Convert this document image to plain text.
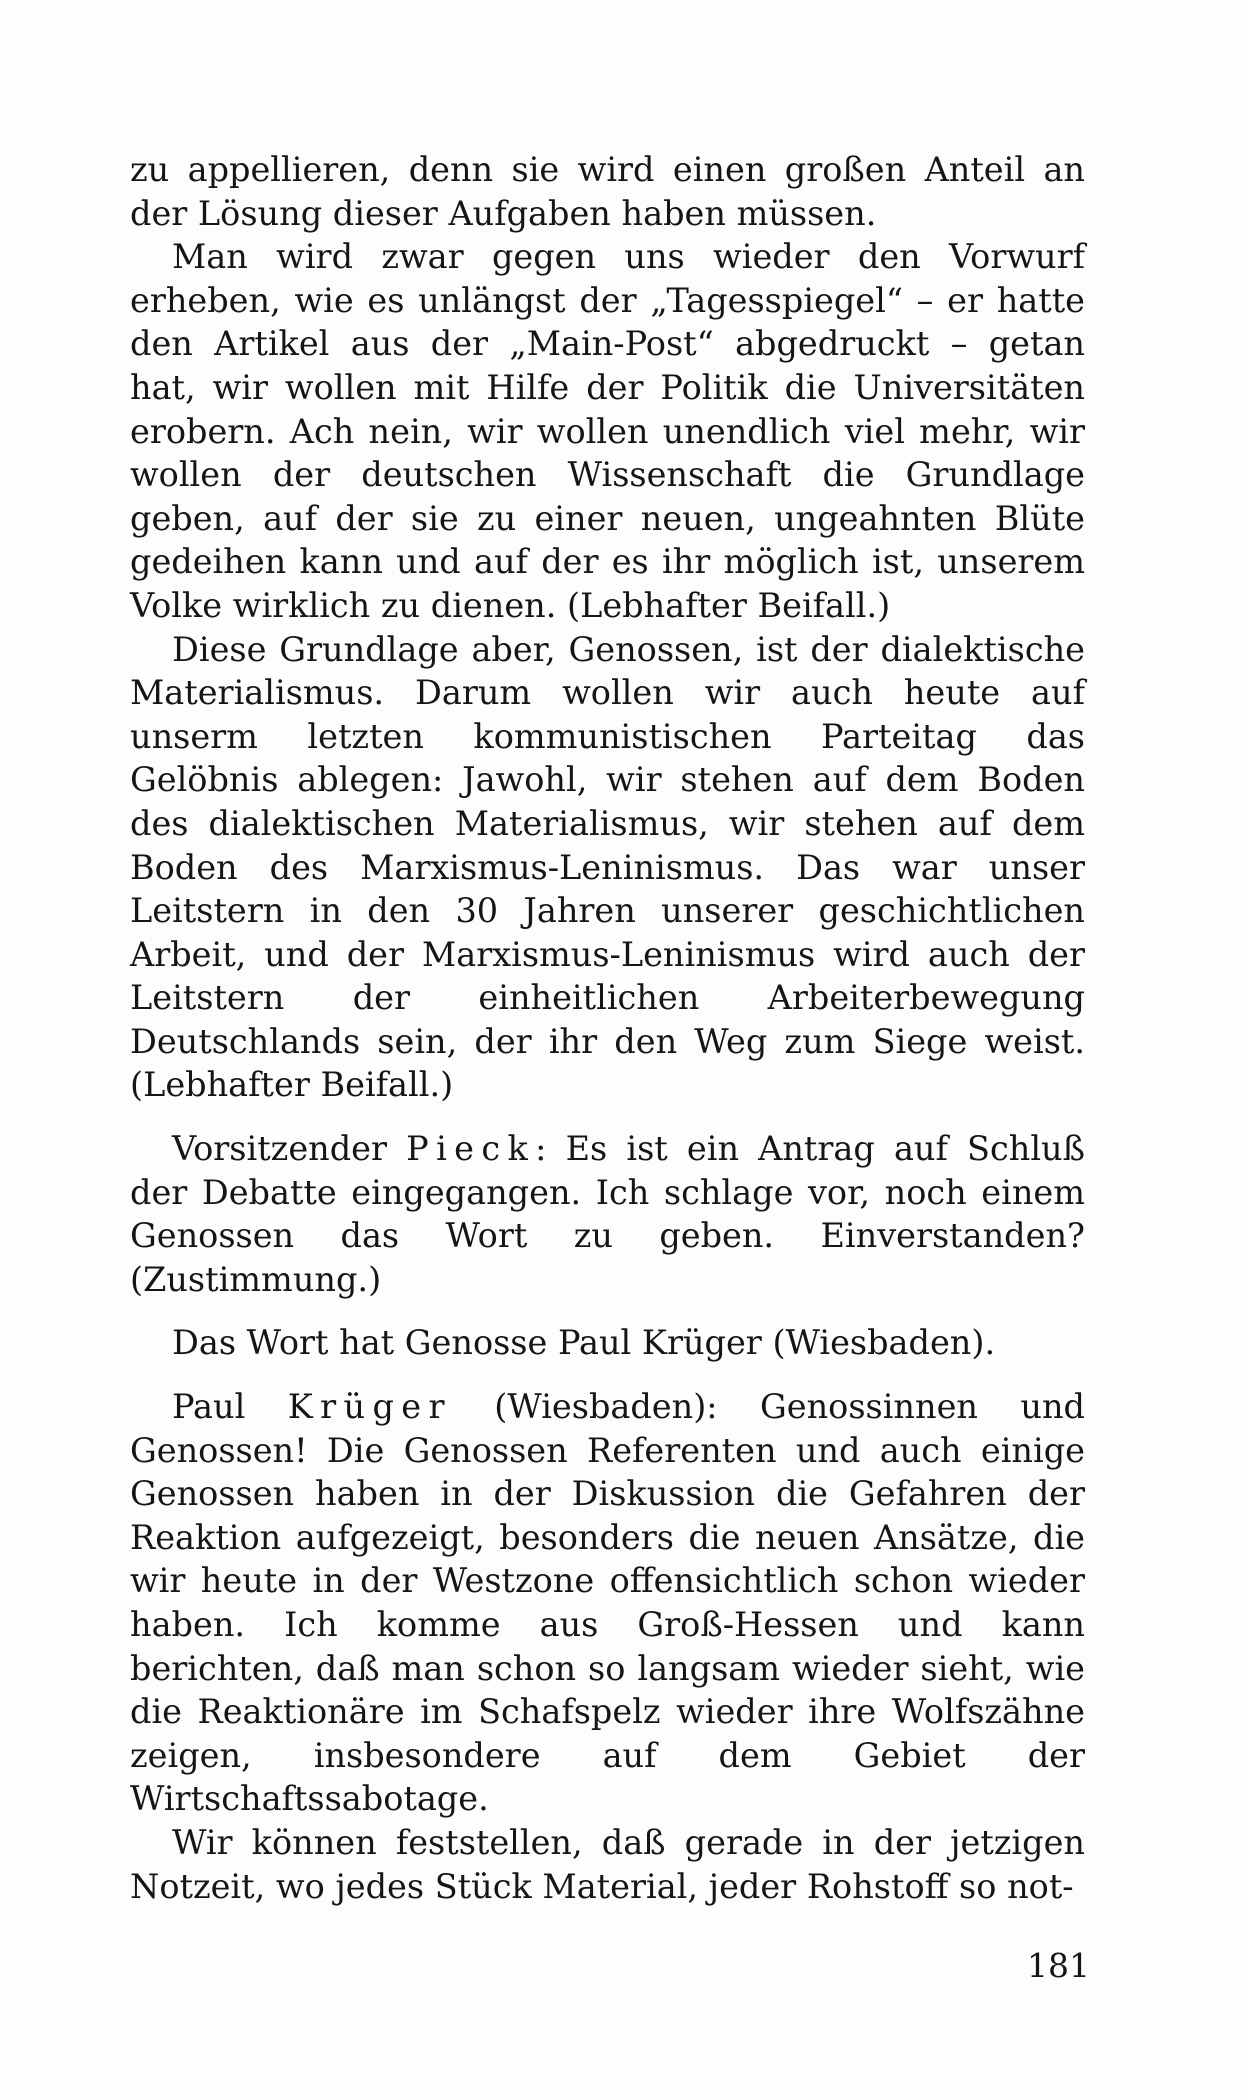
zu appellieren, denn sie wird einen großen Anteil an der Lösung dieser Aufgaben haben müssen.

Man wird zwar gegen uns wieder den Vorwurf erheben, wie es unlängst der „Tagesspiegel“ – er hatte den Artikel aus der „Main-Post“ abgedruckt – getan hat, wir wollen mit Hilfe der Politik die Universitäten erobern. Ach nein, wir wollen unendlich viel mehr, wir wollen der deutschen Wissenschaft die Grundlage geben, auf der sie zu einer neuen, ungeahnten Blüte gedeihen kann und auf der es ihr möglich ist, unserem Volke wirklich zu dienen. (Lebhafter Beifall.)

Diese Grundlage aber, Genossen, ist der dialektische Materialismus. Darum wollen wir auch heute auf unserm letzten kommunistischen Parteitag das Gelöbnis ablegen: Jawohl, wir stehen auf dem Boden des dialektischen Materialismus, wir stehen auf dem Boden des Marxismus-Leninismus. Das war unser Leitstern in den 30 Jahren unserer geschichtlichen Arbeit, und der Marxismus-Leninismus wird auch der Leitstern der einheitlichen Arbeiterbewegung Deutschlands sein, der ihr den Weg zum Siege weist. (Lebhafter Beifall.)

Vorsitzender Pieck: Es ist ein Antrag auf Schluß der Debatte eingegangen. Ich schlage vor, noch einem Genossen das Wort zu geben. Einverstanden? (Zustimmung.)

Das Wort hat Genosse Paul Krüger (Wiesbaden).

Paul Krüger (Wiesbaden): Genossinnen und Genossen! Die Genossen Referenten und auch einige Genossen haben in der Diskussion die Gefahren der Reaktion aufgezeigt, besonders die neuen Ansätze, die wir heute in der Westzone offensichtlich schon wieder haben. Ich komme aus Groß-Hessen und kann berichten, daß man schon so langsam wieder sieht, wie die Reaktionäre im Schafspelz wieder ihre Wolfszähne zeigen, insbesondere auf dem Gebiet der Wirtschaftssabotage.

Wir können feststellen, daß gerade in der jetzigen Notzeit, wo jedes Stück Material, jeder Rohstoff so not-

181
